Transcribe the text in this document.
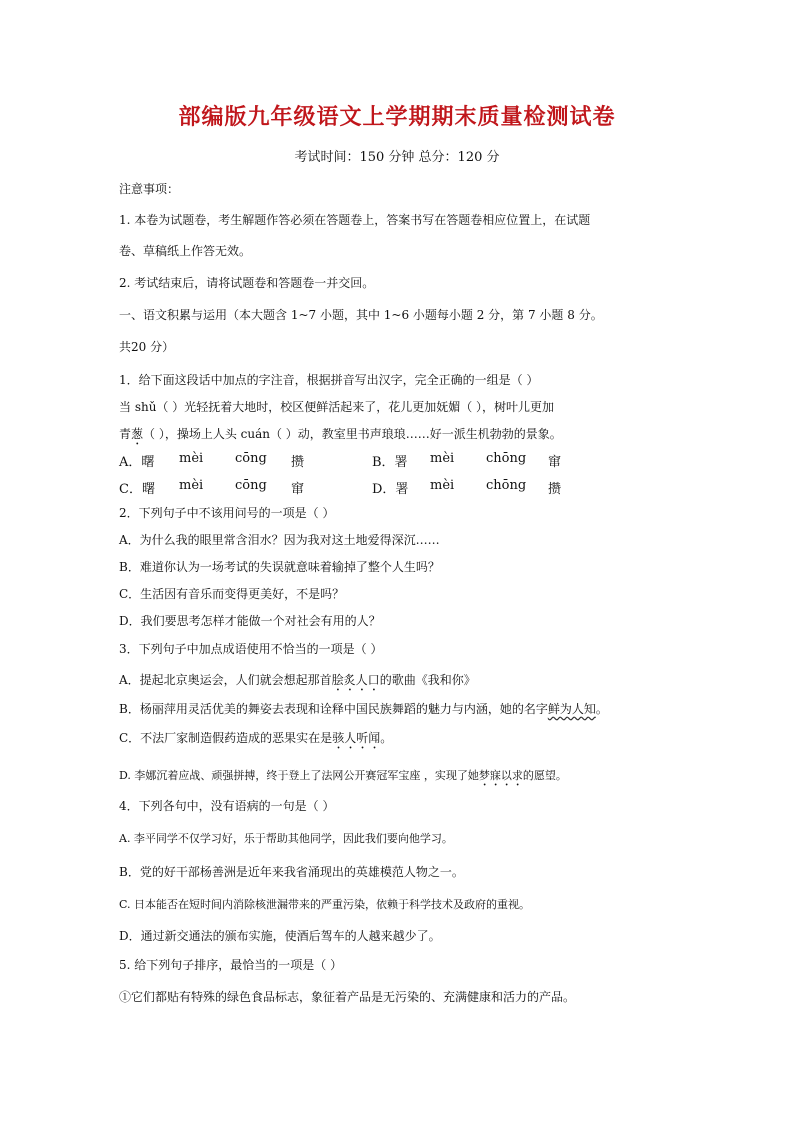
部编版九年级语文上学期期末质量检测试卷
考试时间：150 分钟 总分：120 分
注意事项：
1. 本卷为试题卷，考生解题作答必须在答题卷上，答案书写在答题卷相应位置上，在试题
卷、草稿纸上作答无效。
2. 考试结束后，请将试题卷和答题卷一并交回。
一、语文积累与运用（本大题含 1~7 小题，其中 1~6 小题每小题 2 分，第 7 小题 8 分。
共20 分）
1．给下面这段话中加点的字注音，根据拼音写出汉字，完全正确的一组是（ ）
当 shǔ（ ）光轻抚着大地时，校区便鲜活起来了，花儿更加妩媚（ ），树叶儿更加
青葱（ ），操场上人头 cuán（ ）动，教室里书声琅琅……好一派生机勃勃的景象。
A．曙 mèi cōng 攒	B．署 mèi chōng 窜
C．曙 mèi cōng 窜	D．署 mèi chōng 攒
2．下列句子中不该用问号的一项是（ ）
A．为什么我的眼里常含泪水？因为我对这土地爱得深沉……
B．难道你认为一场考试的失误就意味着输掉了整个人生吗？
C．生活因有音乐而变得更美好，不是吗？
D．我们要思考怎样才能做一个对社会有用的人？
3．下列句子中加点成语使用不恰当的一项是（ ）
A．提起北京奥运会，人们就会想起那首脍炙人口的歌曲《我和你》
B．杨丽萍用灵活优美的舞姿去表现和诠释中国民族舞蹈的魅力与内涵，她的名字鲜为人知。
C．不法厂家制造假药造成的恶果实在是骇人听闻。
D. 李娜沉着应战、顽强拼搏，终于登上了法网公开赛冠军宝座 ，实现了她梦寐以求的愿望。
4．下列各句中，没有语病的一句是（ ）
A. 李平同学不仅学习好，乐于帮助其他同学，因此我们要向他学习。
B．党的好干部杨善洲是近年来我省涌现出的英雄模范人物之一。
C. 日本能否在短时间内消除核泄漏带来的严重污染，依赖于科学技术及政府的重视。
D．通过新交通法的颁布实施，使酒后驾车的人越来越少了。
5. 给下列句子排序，最恰当的一项是（ ）
①它们都贴有特殊的绿色食品标志，象征着产品是无污染的、充满健康和活力的产品。
